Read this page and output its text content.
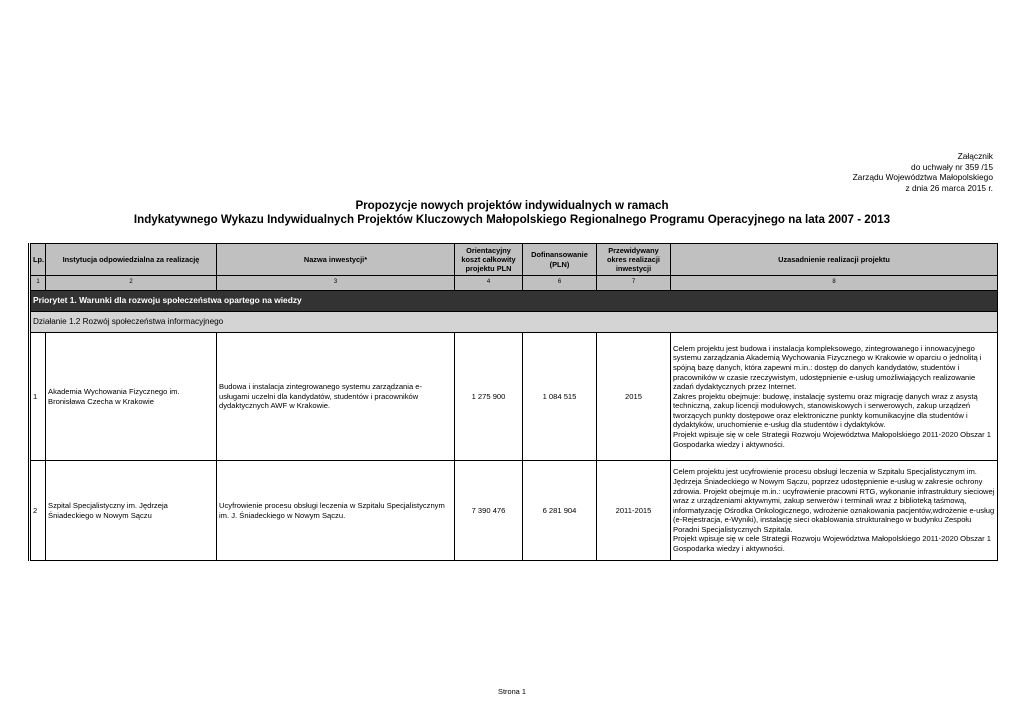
Załącznik
do uchwały nr 359 /15
Zarządu Województwa Małopolskiego
z dnia 26 marca 2015 r.
Propozycje nowych projektów indywidualnych w ramach
Indykatywnego Wykazu Indywidualnych Projektów Kluczowych Małopolskiego Regionalnego Programu Operacyjnego na lata 2007 - 2013
Lp.	Instytucja odpowiedzialna za realizację	Nazwa inwestycji*	Orientacyjny koszt całkowity projektu PLN	Dofinansowanie (PLN)	Przewidywany okres realizacji inwestycji	Uzasadnienie realizacji projektu
1	2	3	4	6	7	8
Priorytet 1. Warunki dla rozwoju społeczeństwa opartego na wiedzy						
Działanie 1.2 Rozwój społeczeństwa informacyjnego						
1	Akademia Wychowania Fizycznego im. Bronisława Czecha w Krakowie	Budowa i instalacja zintegrowanego systemu zarządzania e-usługami uczelni dla kandydatów, studentów i pracowników dydaktycznych AWF w Krakowie.	1 275 900	1 084 515	2015	Celem projektu jest budowa i instalacja kompleksowego, zintegrowanego i innowacyjnego systemu zarządzania Akademią Wychowania Fizycznego w Krakowie w oparciu o jednolitą i spójną bazę danych, która zapewni m.in.: dostęp do danych kandydatów, studentów i pracowników w czasie rzeczywistym, udostępnienie e-usług umożliwiających realizowanie zadań dydaktycznych przez Internet.
Zakres projektu obejmuje: budowę, instalację systemu oraz migrację danych wraz z asystą techniczną, zakup licencji modułowych, stanowiskowych i serwerowych, zakup urządzeń tworzących punkty dostępowe oraz elektroniczne punkty komunikacyjne dla studentów i dydaktyków, uruchomienie e-usług dla studentów i dydaktyków.
Projekt wpisuje się w cele Strategii Rozwoju Województwa Małopolskiego 2011-2020 Obszar 1 Gospodarka wiedzy i aktywności.
2	Szpital Specjalistyczny im. Jędrzeja Śniadeckiego w Nowym Sączu	Ucyfrowienie procesu obsługi leczenia w Szpitalu Specjalistycznym im. J. Śniadeckiego w Nowym Sączu.	7 390 476	6 281 904	2011-2015	Celem projektu jest ucyfrowienie procesu obsługi leczenia w Szpitalu Specjalistycznym im. Jędrzeja Śniadeckiego w Nowym Sączu, poprzez udostępnienie e-usług w zakresie ochrony zdrowia. Projekt obejmuje m.in.: ucyfrowienie pracowni RTG, wykonanie infrastruktury sieciowej wraz z urządzeniami aktywnymi, zakup serwerów i terminali wraz z biblioteką taśmową, informatyzację Ośrodka Onkologicznego, wdrożenie oznakowania pacjentów,wdrożenie e-usług (e-Rejestracja, e-Wyniki), instalację sieci okablowania strukturalnego w budynku Zespołu Poradni Specjalistycznych Szpitala.
Projekt wpisuje się w cele Strategii Rozwoju Województwa Małopolskiego 2011-2020 Obszar 1 Gospodarka wiedzy i aktywności.
Strona 1
